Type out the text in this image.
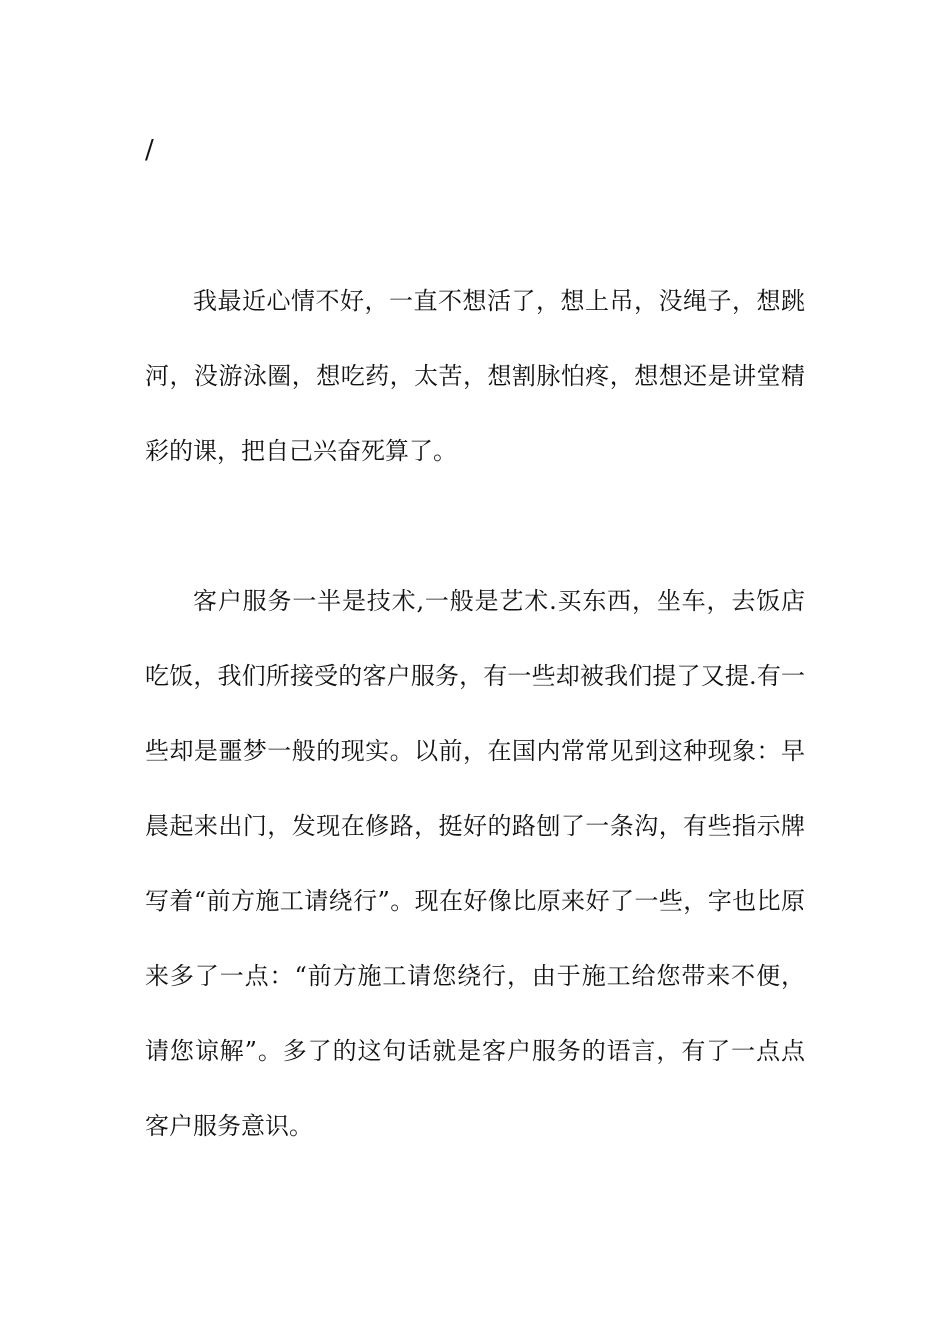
/

我最近心情不好，一直不想活了，想上吊，没绳子，想跳河，没游泳圈，想吃药，太苦，想割脉怕疼，想想还是讲堂精彩的课，把自己兴奋死算了。

客户服务一半是技术,一般是艺术.买东西，坐车，去饭店吃饭，我们所接受的客户服务，有一些却被我们提了又提.有一些却是噩梦一般的现实。以前，在国内常常见到这种现象：早晨起来出门，发现在修路，挺好的路刨了一条沟，有些指示牌写着“前方施工请绕行”。现在好像比原来好了一些，字也比原来多了一点：“前方施工请您绕行，由于施工给您带来不便，请您谅解”。多了的这句话就是客户服务的语言，有了一点点客户服务意识。
